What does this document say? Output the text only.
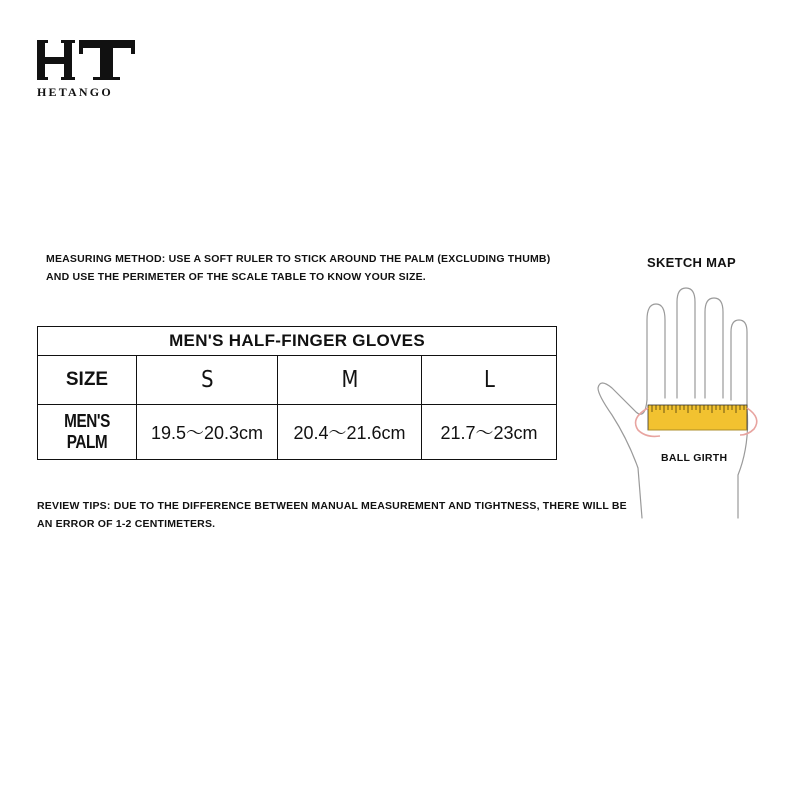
HETANGO
MEASURING METHOD: USE A SOFT RULER TO STICK AROUND THE PALM (EXCLUDING THUMB) AND USE THE PERIMETER OF THE SCALE TABLE TO KNOW YOUR SIZE.
MEN'S HALF-FINGER GLOVES			
SIZE	S	M	L
MEN'S PALM	19.5～20.3cm	20.4～21.6cm	21.7～23cm
REVIEW TIPS: DUE TO THE DIFFERENCE BETWEEN MANUAL MEASUREMENT AND TIGHTNESS, THERE WILL BE AN ERROR OF 1-2 CENTIMETERS.
SKETCH MAP
BALL GIRTH
